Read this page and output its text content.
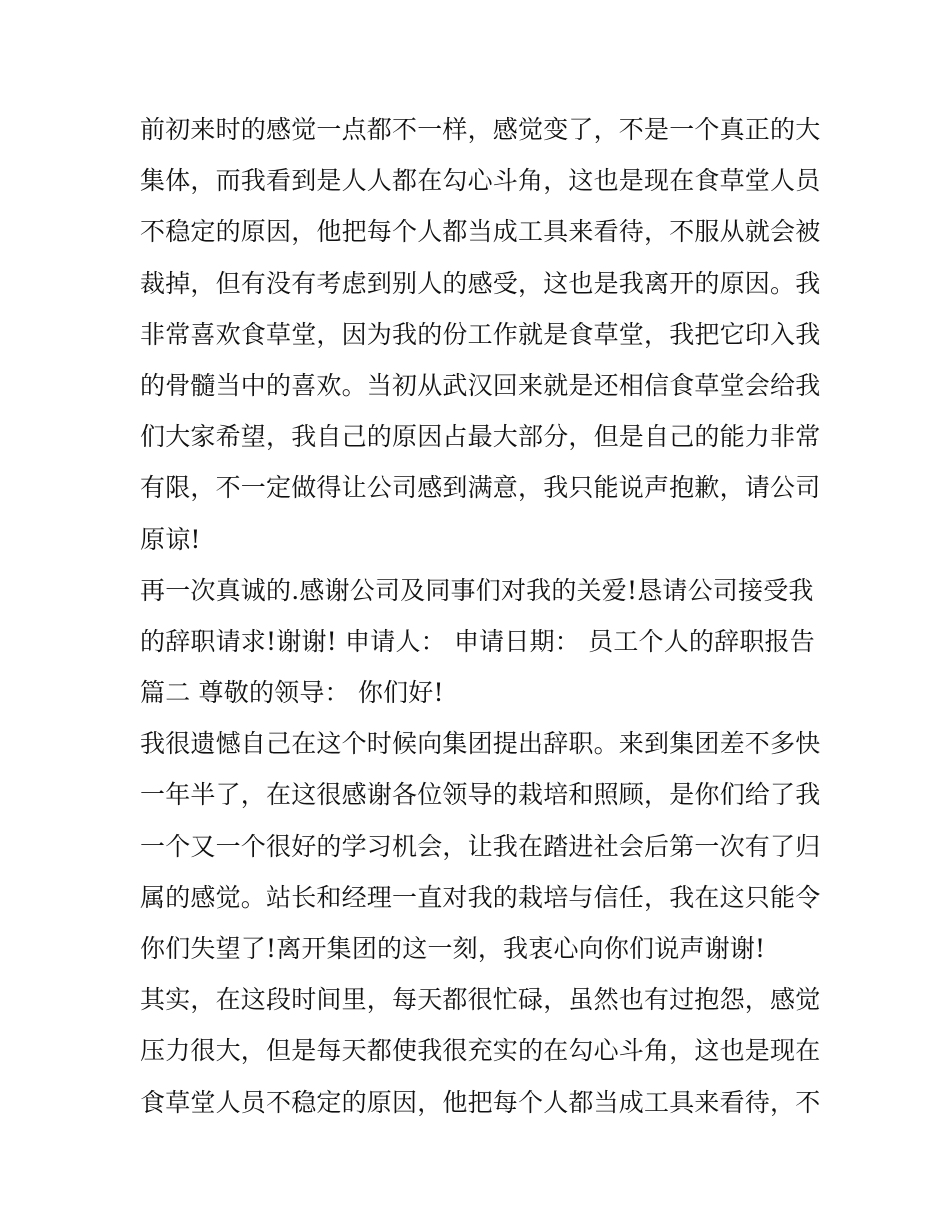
前初来时的感觉一点都不一样，感觉变了，不是一个真正的大
集体，而我看到是人人都在勾心斗角，这也是现在食草堂人员
不稳定的原因，他把每个人都当成工具来看待，不服从就会被
裁掉，但有没有考虑到别人的感受，这也是我离开的原因。我
非常喜欢食草堂，因为我的份工作就是食草堂，我把它印入我
的骨髓当中的喜欢。当初从武汉回来就是还相信食草堂会给我
们大家希望，我自己的原因占最大部分，但是自己的能力非常
有限，不一定做得让公司感到满意，我只能说声抱歉，请公司
原谅!
再一次真诚的.感谢公司及同事们对我的关爱!恳请公司接受我
的辞职请求!谢谢! 申请人： 申请日期： 员工个人的辞职报告
篇二 尊敬的领导： 你们好!
我很遗憾自己在这个时候向集团提出辞职。来到集团差不多快
一年半了，在这很感谢各位领导的栽培和照顾，是你们给了我
一个又一个很好的学习机会，让我在踏进社会后第一次有了归
属的感觉。站长和经理一直对我的栽培与信任，我在这只能令
你们失望了!离开集团的这一刻，我衷心向你们说声谢谢!
其实，在这段时间里，每天都很忙碌，虽然也有过抱怨，感觉
压力很大，但是每天都使我很充实的在勾心斗角，这也是现在
食草堂人员不稳定的原因，他把每个人都当成工具来看待，不
